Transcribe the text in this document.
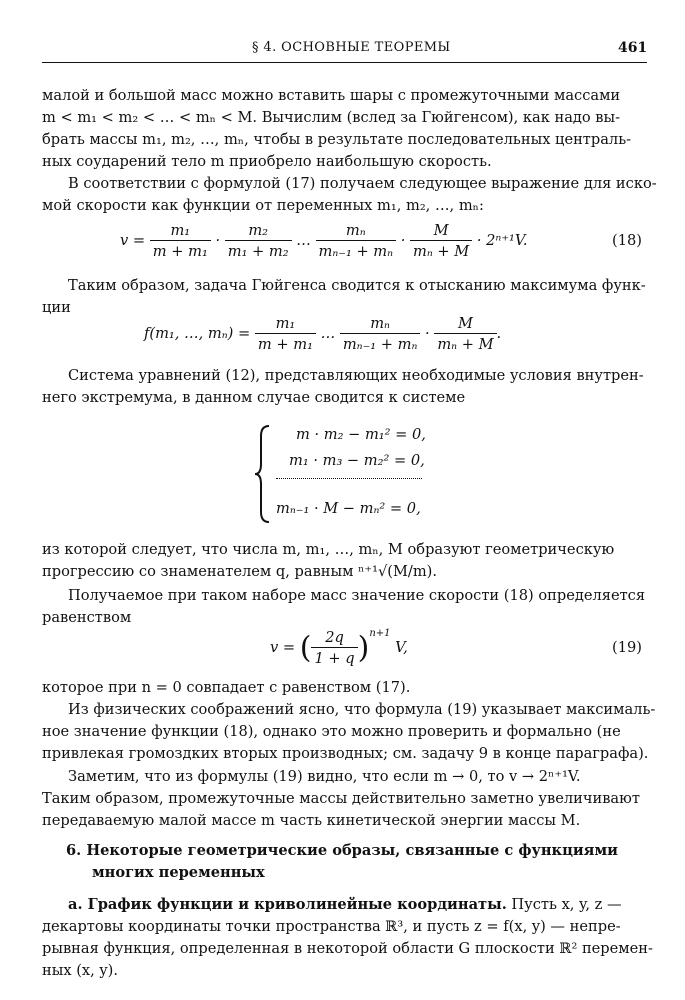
§ 4. ОСНОВНЫЕ ТЕОРЕМЫ	461
малой и большой масс можно вставить шары с промежуточными массами
m < m₁ < m₂ < … < mₙ < M. Вычислим (вслед за Гюйгенсом), как надо вы-
брать массы m₁, m₂, …, mₙ, чтобы в результате последовательных централь-
ных соударений тело m приобрело наибольшую скорость.
В соответствии с формулой (17) получаем следующее выражение для иско-
мой скорости как функции от переменных m₁, m₂, …, mₙ:
$v = \frac{\text{m₁}}{\text{m + m₁}} \cdot \frac{\text{m₂}}{\text{m₁ + m₂}}$ … $\frac{\text{mₙ}}{\text{mₙ₋₁ + mₙ}} \cdot \frac{M}{\text{mₙ + M}} \cdot 2^{n+1}V$.	(18)
Таким образом, задача Гюйгенса сводится к отысканию максимума функ-
ции
f(m₁, …, $m_n) = \frac{\text{m₁}}{\text{m + m₁}}$ … $\frac{\text{mₙ}}{\text{mₙ₋₁ + mₙ}} \cdot \frac{M}{\text{mₙ + M}}$ .
Система уравнений (12), представляющих необходимые условия внутрен-
него экстремума, в данном случае сводится к системе
m · m₂ − m₁² = 0,
m₁ · m₃ − m₂² = 0,
mₙ₋₁ · M − mₙ² = 0,
из которой следует, что числа m, m₁, …, mₙ, M образуют геометрическую
прогрессию со знаменателем q, равным ⁿ⁺¹√(M/m).
Получаемое при таком наборе масс значение скорости (18) определяется
равенством
v = ( $\frac{2q}{1 + q} )^{n+1}$ V,	(19)
которое при n = 0 совпадает с равенством (17).
Из физических соображений ясно, что формула (19) указывает максималь-
ное значение функции (18), однако это можно проверить и формально (не
привлекая громоздких вторых производных; см. задачу 9 в конце параграфа).
Заметим, что из формулы (19) видно, что если m → 0, то v → 2ⁿ⁺¹V.
Таким образом, промежуточные массы действительно заметно увеличивают
передаваемую малой массе m часть кинетической энергии массы M.
6. Некоторые геометрические образы, связанные с функциями
многих переменных
a. График функции и криволинейные координаты. Пусть x, y, z —
декартовы координаты точки пространства ℝ³, и пусть z = f(x, y) — непре-
рывная функция, определенная в некоторой области G плоскости ℝ² перемен-
ных (x, y).
